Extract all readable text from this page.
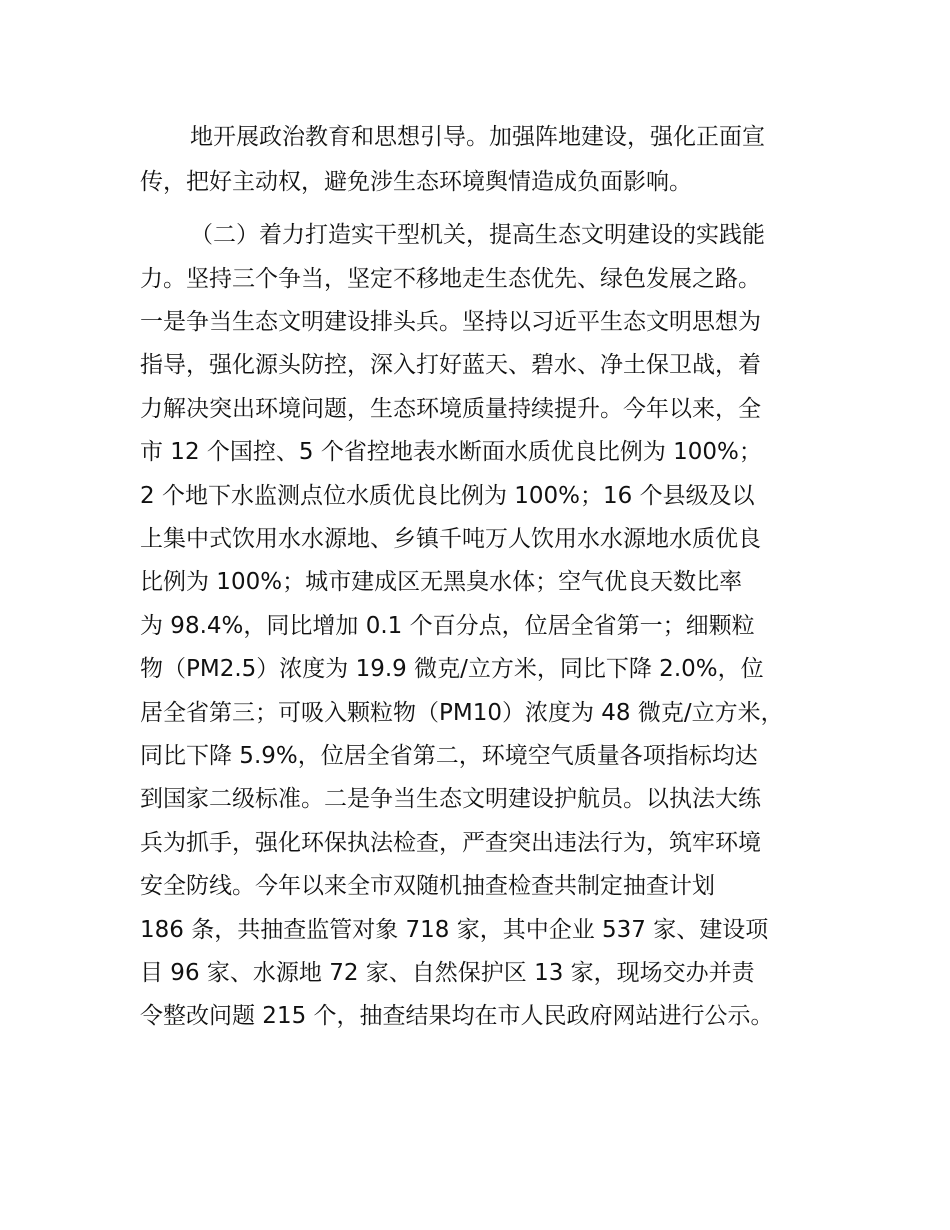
地开展政治教育和思想引导。加强阵地建设，强化正面宣
传，把好主动权，避免涉生态环境舆情造成负面影响。
（二）着力打造实干型机关，提高生态文明建设的实践能
力。坚持三个争当，坚定不移地走生态优先、绿色发展之路。
一是争当生态文明建设排头兵。坚持以习近平生态文明思想为
指导，强化源头防控，深入打好蓝天、碧水、净土保卫战，着
力解决突出环境问题，生态环境质量持续提升。今年以来，全
市 12 个国控、5 个省控地表水断面水质优良比例为 100%；
2 个地下水监测点位水质优良比例为 100%；16 个县级及以
上集中式饮用水水源地、乡镇千吨万人饮用水水源地水质优良
比例为 100%；城市建成区无黑臭水体；空气优良天数比率
为 98.4%，同比增加 0.1 个百分点，位居全省第一；细颗粒
物（PM2.5）浓度为 19.9 微克/立方米，同比下降 2.0%，位
居全省第三；可吸入颗粒物（PM10）浓度为 48 微克/立方米，
同比下降 5.9%，位居全省第二，环境空气质量各项指标均达
到国家二级标准。二是争当生态文明建设护航员。以执法大练
兵为抓手，强化环保执法检查，严查突出违法行为，筑牢环境
安全防线。今年以来全市双随机抽查检查共制定抽查计划
186 条，共抽查监管对象 718 家，其中企业 537 家、建设项
目 96 家、水源地 72 家、自然保护区 13 家，现场交办并责
令整改问题 215 个，抽查结果均在市人民政府网站进行公示。
